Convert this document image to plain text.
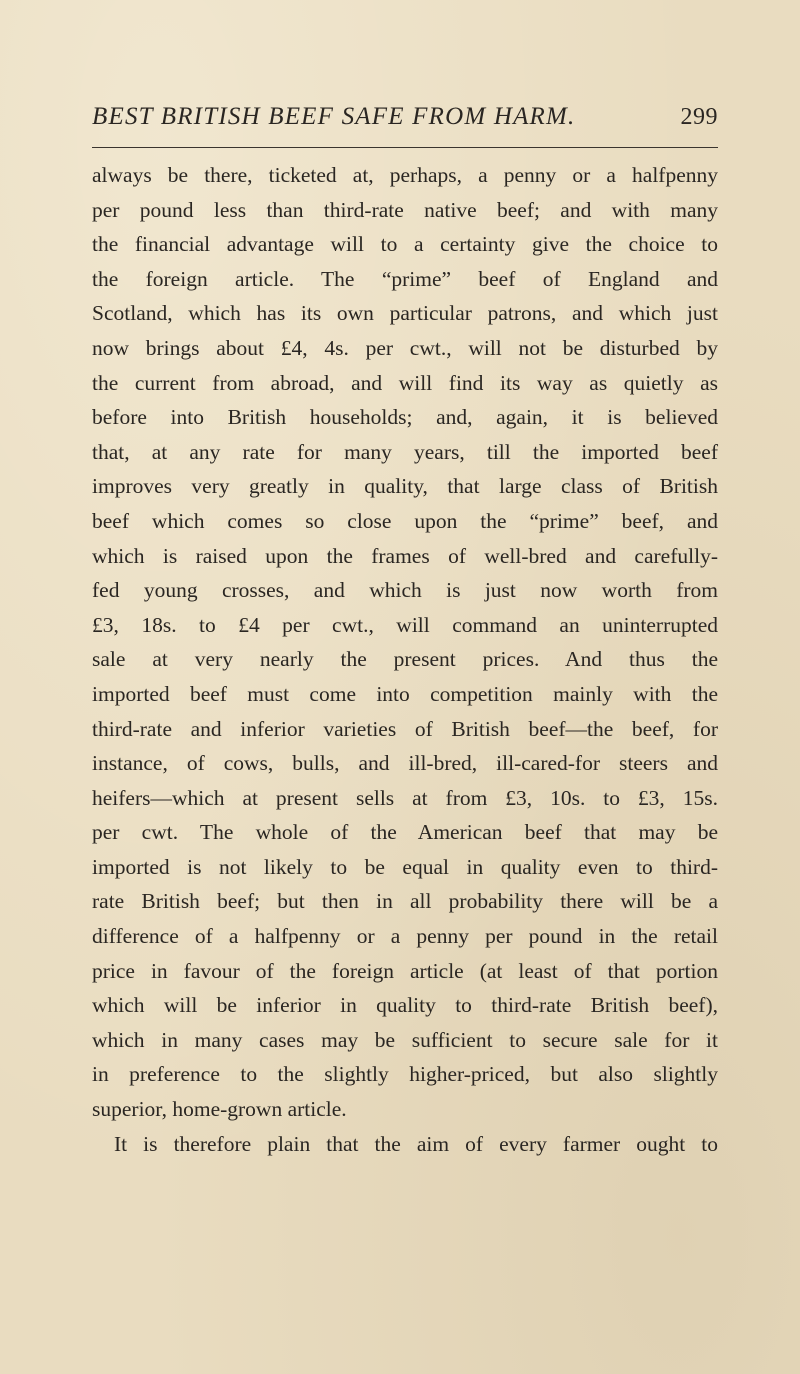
BEST BRITISH BEEF SAFE FROM HARM.	299
always be there, ticketed at, perhaps, a penny or a halfpenny
per pound less than third-rate native beef; and with many
the financial advantage will to a certainty give the choice to
the foreign article. The “prime” beef of England and
Scotland, which has its own particular patrons, and which just
now brings about £4, 4s. per cwt., will not be disturbed by
the current from abroad, and will find its way as quietly as
before into British households; and, again, it is believed
that, at any rate for many years, till the imported beef
improves very greatly in quality, that large class of British
beef which comes so close upon the “prime” beef, and
which is raised upon the frames of well-bred and carefully-
fed young crosses, and which is just now worth from
£3, 18s. to £4 per cwt., will command an uninterrupted
sale at very nearly the present prices. And thus the
imported beef must come into competition mainly with the
third-rate and inferior varieties of British beef—the beef, for
instance, of cows, bulls, and ill-bred, ill-cared-for steers and
heifers—which at present sells at from £3, 10s. to £3, 15s.
per cwt. The whole of the American beef that may be
imported is not likely to be equal in quality even to third-
rate British beef; but then in all probability there will be a
difference of a halfpenny or a penny per pound in the retail
price in favour of the foreign article (at least of that portion
which will be inferior in quality to third-rate British beef),
which in many cases may be sufficient to secure sale for it
in preference to the slightly higher-priced, but also slightly
superior, home-grown article.
It is therefore plain that the aim of every farmer ought to
